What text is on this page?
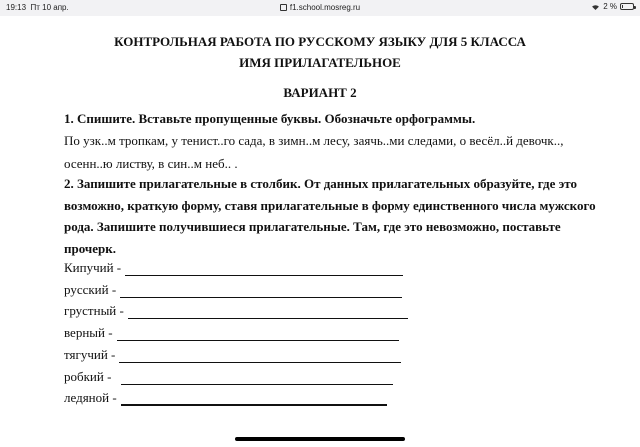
19:13 Пт 10 апр.	f1.school.mosreg.ru	2 %
КОНТРОЛЬНАЯ РАБОТА ПО РУССКОМУ ЯЗЫКУ ДЛЯ 5 КЛАССА
ИМЯ ПРИЛАГАТЕЛЬНОЕ
ВАРИАНТ 2
1. Спишите. Вставьте пропущенные буквы. Обозначьте орфограммы.
По узк..м тропкам, у тенист..го сада, в зимн..м лесу, заячь..ми следами, о весёл..й девочк..,
осенн..ю листву, в син..м неб.. .
2. Запишите прилагательные в столбик. От данных прилагательных образуйте, где это
возможно, краткую форму, ставя прилагательные в форму единственного числа мужского
рода. Запишите получившиеся прилагательные. Там, где это невозможно, поставьте
прочерк.
Кипучий -
русский -
грустный -
верный -
тягучий -
робкий -
ледяной -
